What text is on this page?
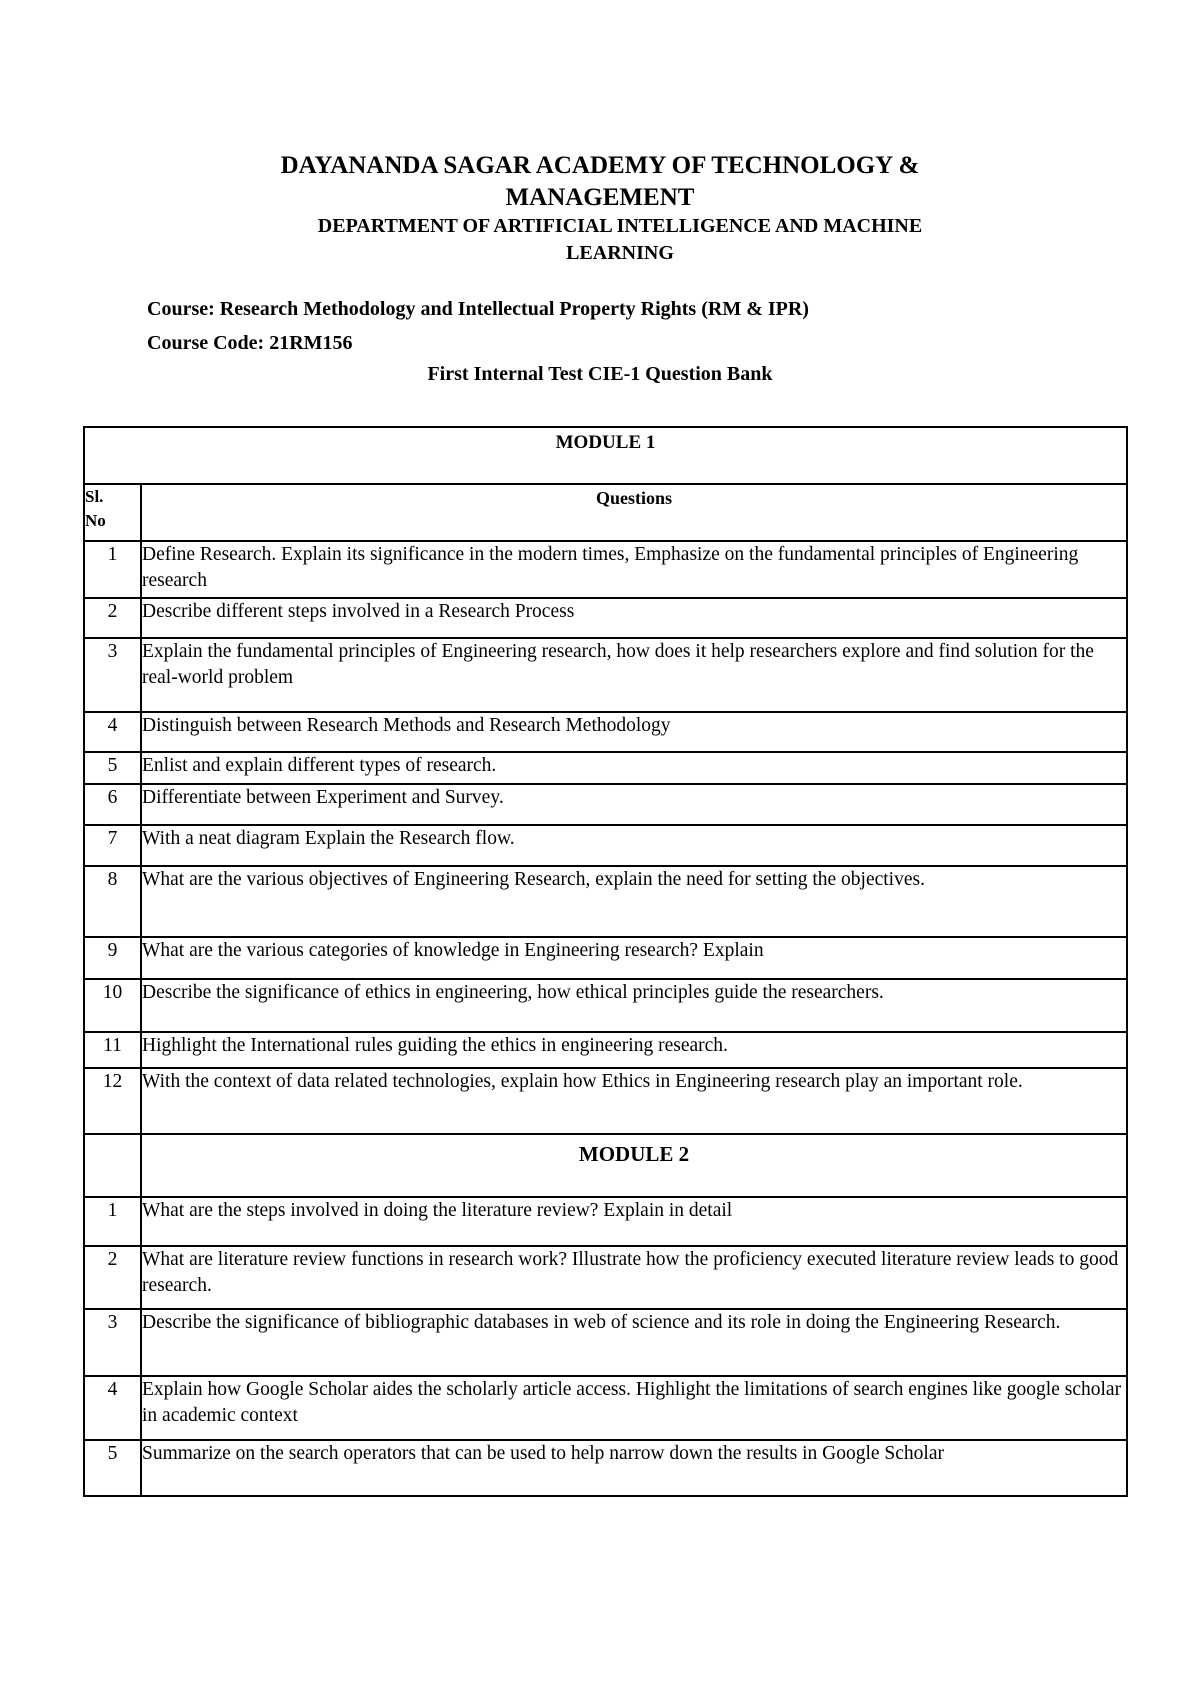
DAYANANDA SAGAR ACADEMY OF TECHNOLOGY &
MANAGEMENT
DEPARTMENT OF ARTIFICIAL INTELLIGENCE AND MACHINE
LEARNING
Course: Research Methodology and Intellectual Property Rights (RM & IPR)
Course Code: 21RM156
First Internal Test CIE-1 Question Bank
MODULE 1	

Sl.
No	Questions
1	Define Research. Explain its significance in the modern times, Emphasize on the fundamental principles of Engineering research
2	Describe different steps involved in a Research Process
3	Explain the fundamental principles of Engineering research, how does it help researchers explore and find solution for the real-world problem
4	Distinguish between Research Methods and Research Methodology
5	Enlist and explain different types of research.
6	Differentiate between Experiment and Survey.
7	With a neat diagram Explain the Research flow.
8	What are the various objectives of Engineering Research, explain the need for setting the objectives.
9	What are the various categories of knowledge in Engineering research? Explain
10	Describe the significance of ethics in engineering, how ethical principles guide the researchers.
11	Highlight the International rules guiding the ethics in engineering research.
12	With the context of data related technologies, explain how Ethics in Engineering research play an important role.
	MODULE 2
1	What are the steps involved in doing the literature review? Explain in detail
2	What are literature review functions in research work? Illustrate how the proficiency executed literature review leads to good research.
3	Describe the significance of bibliographic databases in web of science and its role in doing the Engineering Research.
4	Explain how Google Scholar aides the scholarly article access. Highlight the limitations of search engines like google scholar in academic context
5	Summarize on the search operators that can be used to help narrow down the results in Google Scholar
